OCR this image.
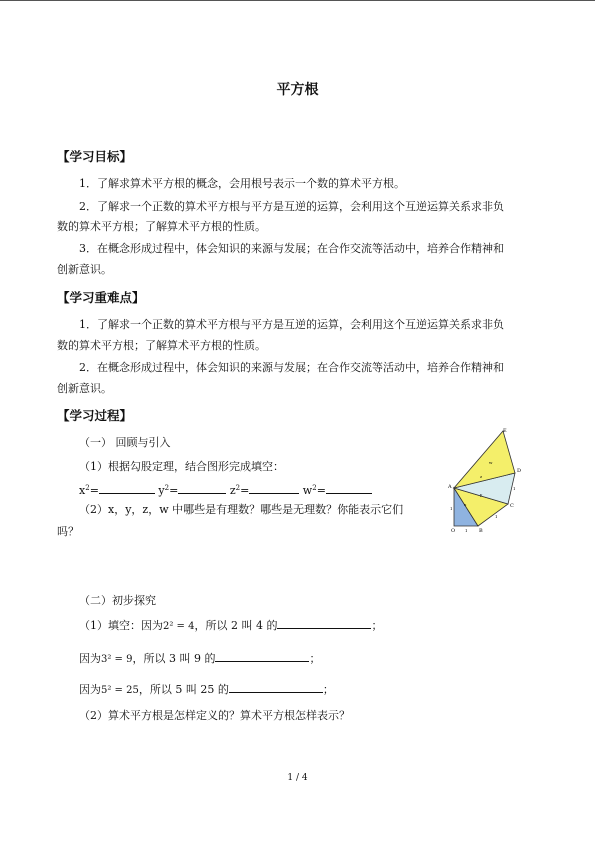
平方根
【学习目标】
1．了解求算术平方根的概念，会用根号表示一个数的算术平方根。
2．了解求一个正数的算术平方根与平方是互逆的运算，会利用这个互逆运算关系求非负
数的算术平方根；了解算术平方根的性质。
3．在概念形成过程中，体会知识的来源与发展；在合作交流等活动中，培养合作精神和
创新意识。
【学习重难点】
1．了解求一个正数的算术平方根与平方是互逆的运算，会利用这个互逆运算关系求非负
数的算术平方根；了解算术平方根的性质。
2．在概念形成过程中，体会知识的来源与发展；在合作交流等活动中，培养合作精神和
创新意识。
【学习过程】
（一） 回顾与引入
（1）根据勾股定理，结合图形完成填空：
$x^2=$	$y^2=$	$z^2=$	$w^2=$
（2）x，y，z，w 中哪些是有理数？哪些是无理数？你能表示它们
吗？
A
B
C
D
E
O
1
1
1
1
x
y
z
w
（二）初步探究
（1）填空：因为2² = 4，所以 2 叫 4 的	；
因为3² = 9，所以 3 叫 9 的	；
因为5² = 25，所以 5 叫 25 的	；
（2）算术平方根是怎样定义的？算术平方根怎样表示？
1 / 4
